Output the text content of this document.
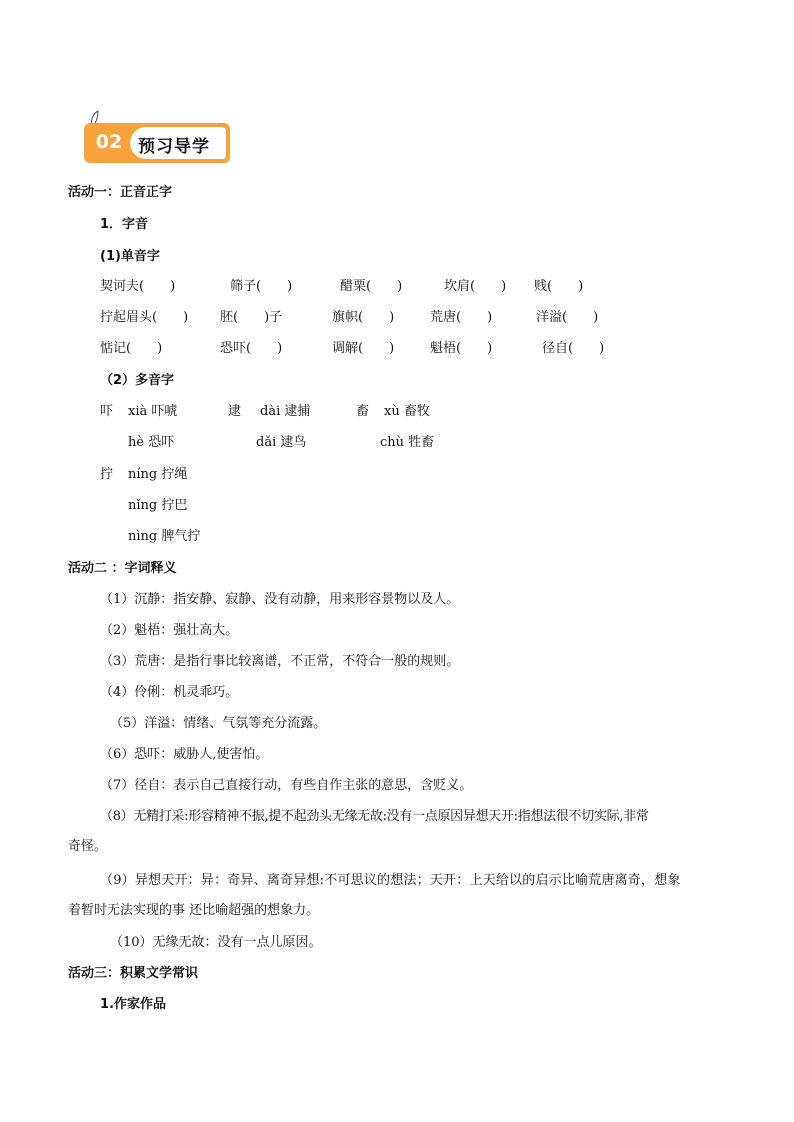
02 预习导学
活动一：正音正字
1．字音
(1)单音字
契诃夫(　　)	筛子(　　)	醋栗(　　)	坎肩(　　) 贱(　　)
拧起眉头(　　) 胚(　　)子	旗帜(　　)	荒唐(　　)	洋溢(　　)
惦记(　　)	恐吓(　　)	调解(　　)	魁梧(　　)	径自(　　)
（2）多音字
吓 xià 吓唬	逮 dài 逮捕	畜 xù 畜牧
hè 恐吓	dǎi 逮鸟	chù 牲畜
拧 níng 拧绳
nǐng 拧巴
nìng 脾气拧
活动二 ：字词释义
（1）沉静：指安静、寂静、没有动静，用来形容景物以及人。
（2）魁梧：强壮高大。
（3）荒唐：是指行事比较离谱，不正常，不符合一般的规则。
（4）伶俐：机灵乖巧。
（5）洋溢：情绪、气氛等充分流露。
（6）恐吓：威胁人,使害怕。
（7）径自：表示自己直接行动，有些自作主张的意思，含贬义。
（8）无精打采:形容精神不振,提不起劲头无缘无故:没有一点原因异想天开:指想法很不切实际,非常
奇怪。
（9）异想天开：异：奇异、离奇异想:不可思议的想法；天开：上天给以的启示比喻荒唐离奇，想象
着暂时无法实现的事 还比喻超强的想象力。
（10）无缘无故：没有一点儿原因。
活动三：积累文学常识
1.作家作品
